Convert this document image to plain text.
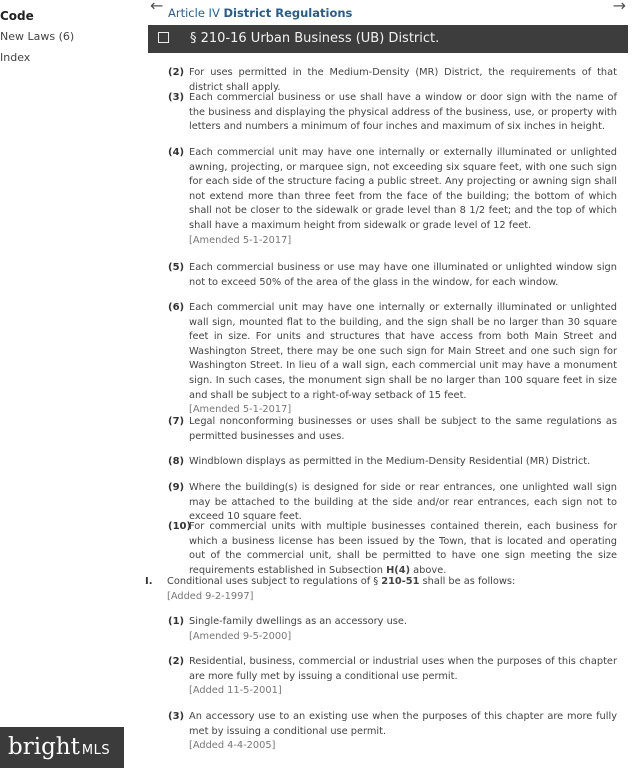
Code
New Laws (6)
Index
bright MLS
← Article IV District Regulations	→
§ 210-16 Urban Business (UB) District.
(2) For uses permitted in the Medium-Density (MR) District, the requirements of that district shall apply.
(3) Each commercial business or use shall have a window or door sign with the name of the business and displaying the physical address of the business, use, or property with letters and numbers a minimum of four inches and maximum of six inches in height.
(4) Each commercial unit may have one internally or externally illuminated or unlighted awning, projecting, or marquee sign, not exceeding six square feet, with one such sign for each side of the structure facing a public street. Any projecting or awning sign shall not extend more than three feet from the face of the building; the bottom of which shall not be closer to the sidewalk or grade level than 8 1/2 feet; and the top of which shall have a maximum height from sidewalk or grade level of 12 feet.
[Amended 5-1-2017]
(5) Each commercial business or use may have one illuminated or unlighted window sign not to exceed 50% of the area of the glass in the window, for each window.
(6) Each commercial unit may have one internally or externally illuminated or unlighted wall sign, mounted flat to the building, and the sign shall be no larger than 30 square feet in size. For units and structures that have access from both Main Street and Washington Street, there may be one such sign for Main Street and one such sign for Washington Street. In lieu of a wall sign, each commercial unit may have a monument sign. In such cases, the monument sign shall be no larger than 100 square feet in size and shall be subject to a right-of-way setback of 15 feet.
[Amended 5-1-2017]
(7) Legal nonconforming businesses or uses shall be subject to the same regulations as permitted businesses and uses.
(8) Windblown displays as permitted in the Medium-Density Residential (MR) District.
(9) Where the building(s) is designed for side or rear entrances, one unlighted wall sign may be attached to the building at the side and/or rear entrances, each sign not to exceed 10 square feet.
(10)
For commercial units with multiple businesses contained therein, each business for which a business license has been issued by the Town, that is located and operating out of the commercial unit, shall be permitted to have one sign meeting the size requirements established in Subsection H(4) above.
I. Conditional uses subject to regulations of § 210-51 shall be as follows:
[Added 9-2-1997]
(1) Single-family dwellings as an accessory use.
[Amended 9-5-2000]
(2) Residential, business, commercial or industrial uses when the purposes of this chapter are more fully met by issuing a conditional use permit.
[Added 11-5-2001]
(3) An accessory use to an existing use when the purposes of this chapter are more fully met by issuing a conditional use permit.
[Added 4-4-2005]
